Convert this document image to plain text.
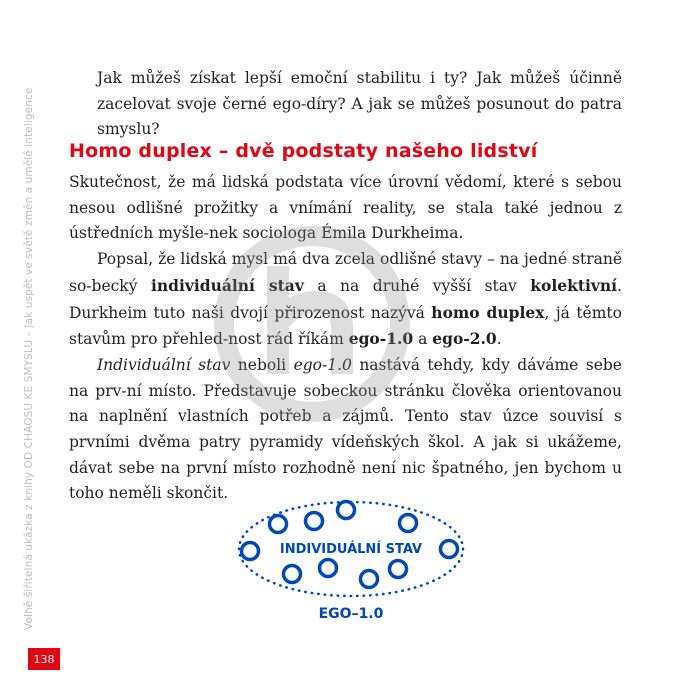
Volně šiřitelná ukázka z knihy OD CHAOSU KE SMYSLU – Jak uspět ve světě změn a umělé inteligence

Jak můžeš získat lepší emoční stabilitu i ty? Jak můžeš účinně zacelovat svoje černé ego-díry? A jak se můžeš posunout do patra smyslu?

Homo duplex – dvě podstaty našeho lidství

Skutečnost, že má lidská podstata více úrovní vědomí, které s sebou nesou odlišné prožitky a vnímání reality, se stala také jednou z ústředních myšle-nek sociologa Émila Durkheima.

Popsal, že lidská mysl má dva zcela odlišné stavy – na jedné straně so-becký individuální stav a na druhé vyšší stav kolektivní. Durkheim tuto naši dvojí přirozenost nazývá homo duplex, já těmto stavům pro přehled-nost rád říkám ego-1.0 a ego-2.0.

Individuální stav neboli ego-1.0 nastává tehdy, kdy dáváme sebe na prv-ní místo. Představuje sobeckou stránku člověka orientovanou na naplnění vlastních potřeb a zájmů. Tento stav úzce souvisí s prvními dvěma patry pyramidy vídeňských škol. A jak si ukážeme, dávat sebe na první místo rozhodně není nic špatného, jen bychom u toho neměli skončit.

INDIVIDUÁLNÍ STAV
EGO–1.0
138
